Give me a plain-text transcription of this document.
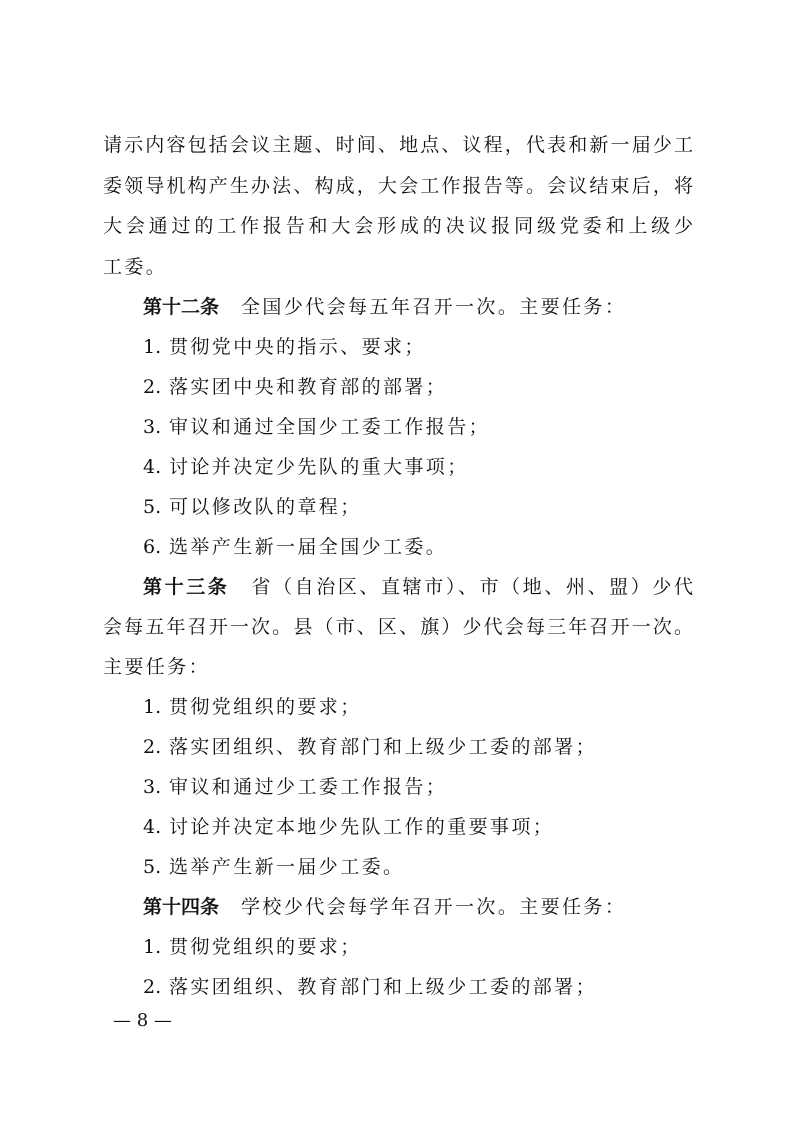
请示内容包括会议主题、时间、地点、议程，代表和新一届少工
委领导机构产生办法、构成，大会工作报告等。会议结束后，将
大会通过的工作报告和大会形成的决议报同级党委和上级少
工委。
第十二条 全国少代会每五年召开一次。主要任务：
1. 贯彻党中央的指示、要求；
2. 落实团中央和教育部的部署；
3. 审议和通过全国少工委工作报告；
4. 讨论并决定少先队的重大事项；
5. 可以修改队的章程；
6. 选举产生新一届全国少工委。
第十三条 省（自治区、直辖市）、市（地、州、盟）少代
会每五年召开一次。县（市、区、旗）少代会每三年召开一次。
主要任务：
1. 贯彻党组织的要求；
2. 落实团组织、教育部门和上级少工委的部署；
3. 审议和通过少工委工作报告；
4. 讨论并决定本地少先队工作的重要事项；
5. 选举产生新一届少工委。
第十四条 学校少代会每学年召开一次。主要任务：
1. 贯彻党组织的要求；
2. 落实团组织、教育部门和上级少工委的部署；
— 8 —
